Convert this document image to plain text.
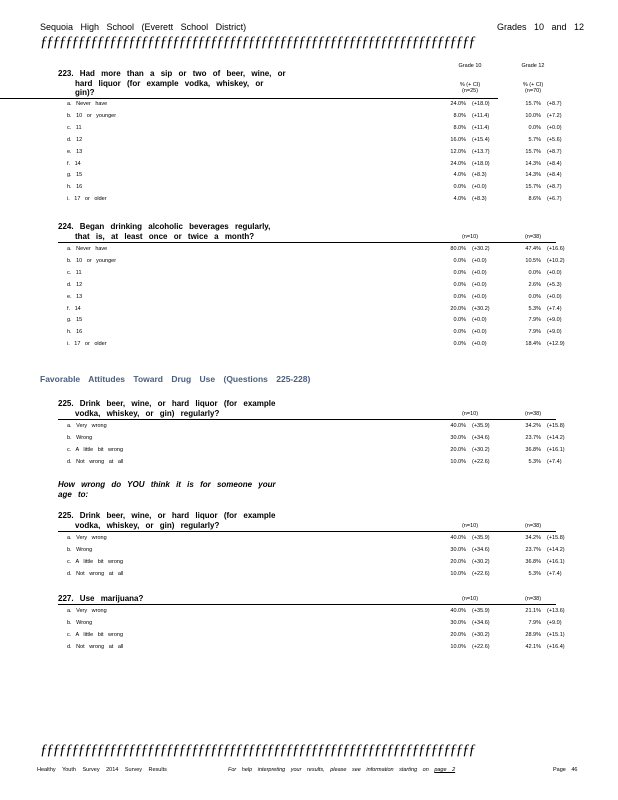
Sequoia High School (Everett School District)	Grades 10 and 12
ƒƒƒƒƒƒƒƒƒƒƒƒƒƒƒƒƒƒƒƒƒƒƒƒƒƒƒƒƒƒƒƒƒƒƒƒƒƒƒƒƒƒƒƒƒƒƒƒƒƒƒƒƒƒƒƒƒƒƒƒƒƒƒƒƒƒƒƒƒ
223. Had more than a sip or two of beer, wine, or
hard liquor (for example vodka, whiskey, or
gin)?
Grade 10
% (+ CI)
(n=25)
Grade 12
% (+ CI)
(n=70)
a. Never have	24.0% (+18.0)	15.7% (+8.7)
b. 10 or younger	8.0% (+11.4)	10.0% (+7.2)
c. 11	8.0% (+11.4)	0.0% (+0.0)
d. 12	16.0% (+15.4)	5.7% (+5.6)
e. 13	12.0% (+13.7)	15.7% (+8.7)
f. 14	24.0% (+18.0)	14.3% (+8.4)
g. 15	4.0% (+8.3)	14.3% (+8.4)
h. 16	0.0% (+0.0)	15.7% (+8.7)
i. 17 or older	4.0% (+8.3)	8.6% (+6.7)
224. Began drinking alcoholic beverages regularly,
that is, at least once or twice a month?	(n=10)	(n=38)
a. Never have	80.0% (+30.2)	47.4% (+16.6)
b. 10 or younger	0.0% (+0.0)	10.5% (+10.2)
c. 11	0.0% (+0.0)	0.0% (+0.0)
d. 12	0.0% (+0.0)	2.6% (+5.3)
e. 13	0.0% (+0.0)	0.0% (+0.0)
f. 14	20.0% (+30.2)	5.3% (+7.4)
g. 15	0.0% (+0.0)	7.9% (+9.0)
h. 16	0.0% (+0.0)	7.9% (+9.0)
i. 17 or older	0.0% (+0.0)	18.4% (+12.9)
Favorable Attitudes Toward Drug Use (Questions 225-228)
225. Drink beer, wine, or hard liquor (for example
vodka, whiskey, or gin) regularly?	(n=10)	(n=38)
a. Very wrong	40.0% (+35.9)	34.2% (+15.8)
b. Wrong	30.0% (+34.6)	23.7% (+14.2)
c. A little bit wrong	20.0% (+30.2)	36.8% (+16.1)
d. Not wrong at all	10.0% (+22.6)	5.3% (+7.4)
How wrong do YOU think it is for someone your
age to:
225. Drink beer, wine, or hard liquor (for example
vodka, whiskey, or gin) regularly?	(n=10)	(n=38)
a. Very wrong	40.0% (+35.9)	34.2% (+15.8)
b. Wrong	30.0% (+34.6)	23.7% (+14.2)
c. A little bit wrong	20.0% (+30.2)	36.8% (+16.1)
d. Not wrong at all	10.0% (+22.6)	5.3% (+7.4)
227. Use marijuana?	(n=10)	(n=38)
a. Very wrong	40.0% (+35.9)	21.1% (+13.6)
b. Wrong	30.0% (+34.6)	7.9% (+9.0)
c. A little bit wrong	20.0% (+30.2)	28.9% (+15.1)
d. Not wrong at all	10.0% (+22.6)	42.1% (+16.4)
ƒƒƒƒƒƒƒƒƒƒƒƒƒƒƒƒƒƒƒƒƒƒƒƒƒƒƒƒƒƒƒƒƒƒƒƒƒƒƒƒƒƒƒƒƒƒƒƒƒƒƒƒƒƒƒƒƒƒƒƒƒƒƒƒƒƒƒƒƒ
Healthy Youth Survey 2014 Survey Results	For help interpreting your results, please see information starting on page 2	Page 46
